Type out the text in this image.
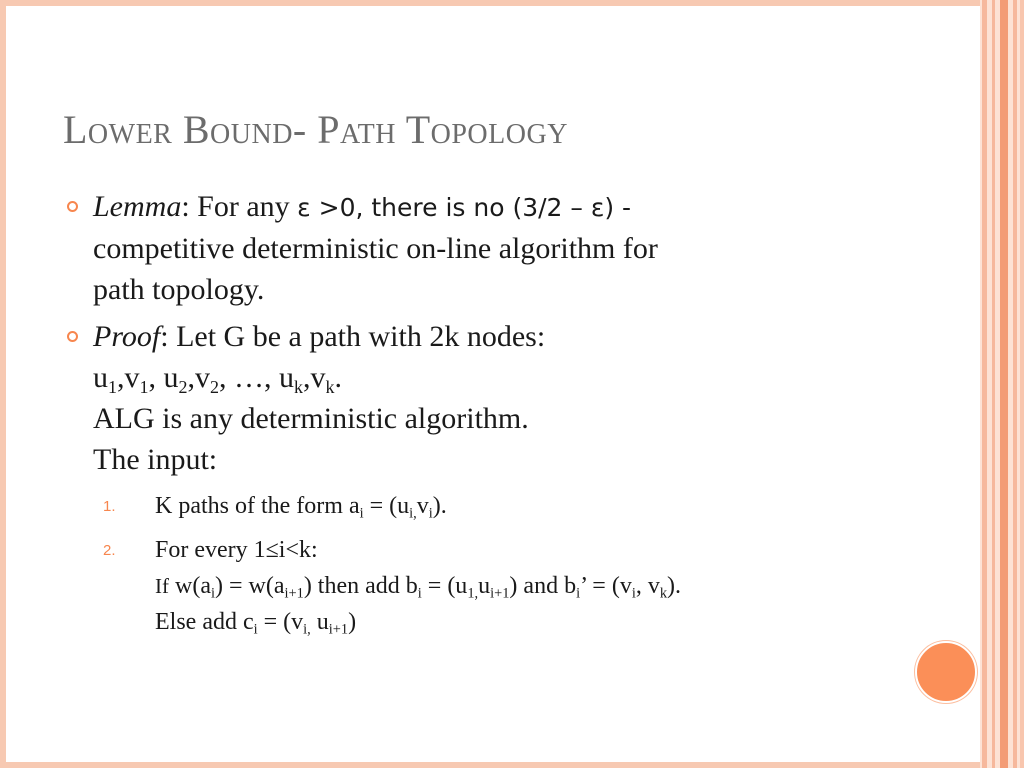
Lower Bound- Path Topology
Lemma: For any ε >0, there is no (3/2 – ε) -
competitive deterministic on-line algorithm for
path topology.
Proof: Let G be a path with 2k nodes:
$u_1,v_1$, $u_2,v_2$, …, $u_k,v_k$.
ALG is any deterministic algorithm.
The input:
1. K paths of the form $a_i = (u_{i,}v_i)$.
2. For every 1≤i<k:
If $w(a_i) = w(a_{i+1})$ then add $b_i = (u_{1,}u_{i+1})$ and $b_i$’ = ($v_i$, $v_k$).
Else add $c_i = (v_{i,}$ $u_{i+1}$)
